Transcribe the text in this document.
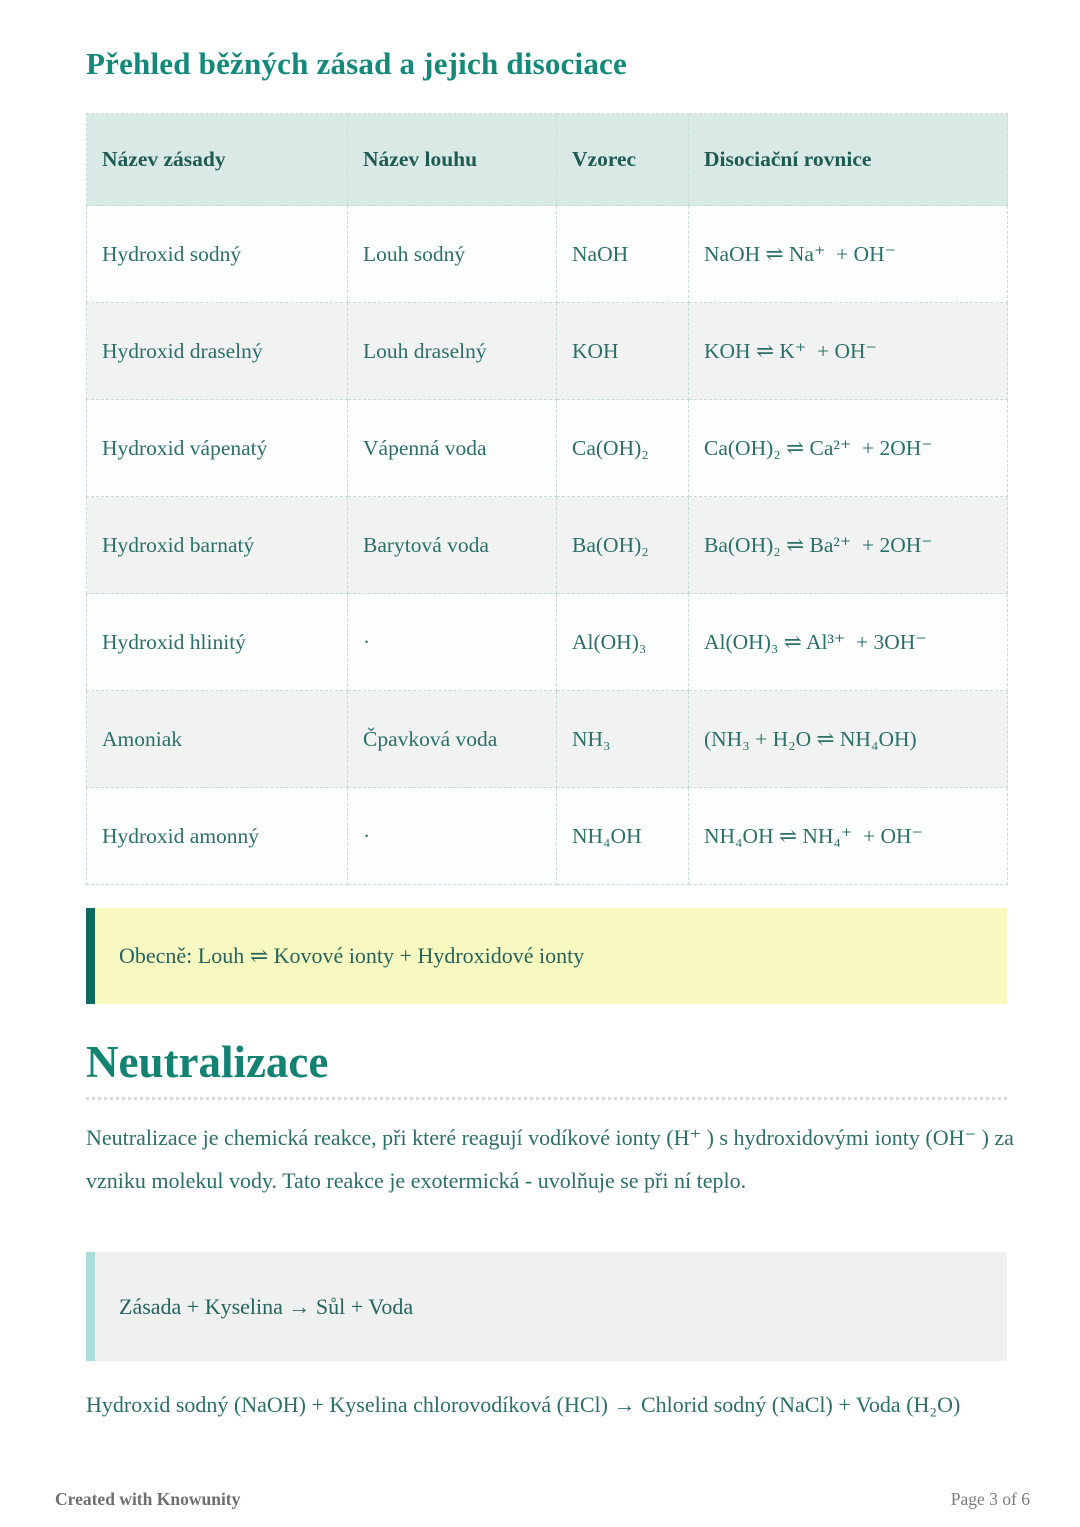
Přehled běžných zásad a jejich disociace
Název zásady	Název louhu	Vzorec	Disociační rovnice
Hydroxid sodný	Louh sodný	NaOH	NaOH ⇌ Na⁺  + OH⁻
Hydroxid draselný	Louh draselný	KOH	KOH ⇌ K⁺  + OH⁻
Hydroxid vápenatý	Vápenná voda	Ca(OH)₂	Ca(OH)₂ ⇌ Ca²⁺  + 2OH⁻
Hydroxid barnatý	Barytová voda	Ba(OH)₂	Ba(OH)₂ ⇌ Ba²⁺  + 2OH⁻
Hydroxid hlinitý	·	Al(OH)₃	Al(OH)₃ ⇌ Al³⁺  + 3OH⁻
Amoniak	Čpavková voda	NH₃	(NH₃ + H₂O ⇌ NH₄OH)
Hydroxid amonný	·	NH₄OH	NH₄OH ⇌ NH₄⁺  + OH⁻
Obecně: Louh ⇌ Kovové ionty + Hydroxidové ionty
Neutralizace

Neutralizace je chemická reakce, při které reagují vodíkové ionty (H⁺ ) s hydroxidovými ionty (OH⁻ ) za vzniku molekul vody. Tato reakce je exotermická - uvolňuje se při ní teplo.

Zásada + Kyselina → Sůl + Voda

Hydroxid sodný (NaOH) + Kyselina chlorovodíková (HCl) → Chlorid sodný (NaCl) + Voda (H₂O)

Created with Knowunity	Page 3 of 6
